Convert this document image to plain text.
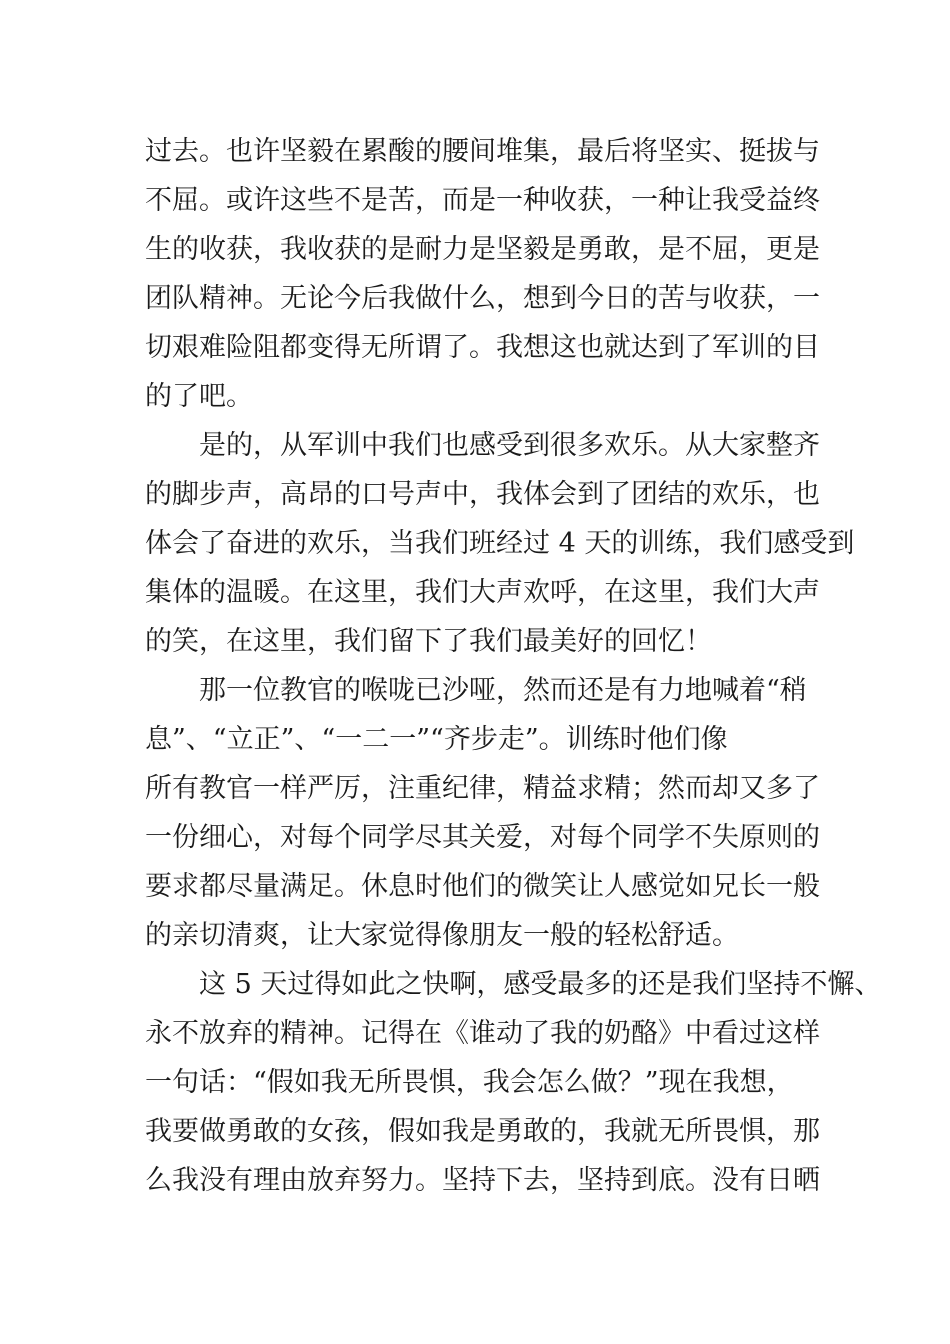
过去。也许坚毅在累酸的腰间堆集，最后将坚实、挺拔与
不屈。或许这些不是苦，而是一种收获，一种让我受益终
生的收获，我收获的是耐力是坚毅是勇敢，是不屈，更是
团队精神。无论今后我做什么，想到今日的苦与收获，一
切艰难险阻都变得无所谓了。我想这也就达到了军训的目
的了吧。
　　是的，从军训中我们也感受到很多欢乐。从大家整齐
的脚步声，高昂的口号声中，我体会到了团结的欢乐，也
体会了奋进的欢乐，当我们班经过 4 天的训练，我们感受到
集体的温暖。在这里，我们大声欢呼，在这里，我们大声
的笑，在这里，我们留下了我们最美好的回忆！
　　那一位教官的喉咙已沙哑，然而还是有力地喊着“稍
息”、“立正”、“一二一”“齐步走”。训练时他们像
所有教官一样严厉，注重纪律，精益求精；然而却又多了
一份细心，对每个同学尽其关爱，对每个同学不失原则的
要求都尽量满足。休息时他们的微笑让人感觉如兄长一般
的亲切清爽，让大家觉得像朋友一般的轻松舒适。
　　这 5 天过得如此之快啊，感受最多的还是我们坚持不懈、
永不放弃的精神。记得在《谁动了我的奶酪》中看过这样
一句话：“假如我无所畏惧，我会怎么做？”现在我想，
我要做勇敢的女孩，假如我是勇敢的，我就无所畏惧，那
么我没有理由放弃努力。坚持下去，坚持到底。没有日晒
